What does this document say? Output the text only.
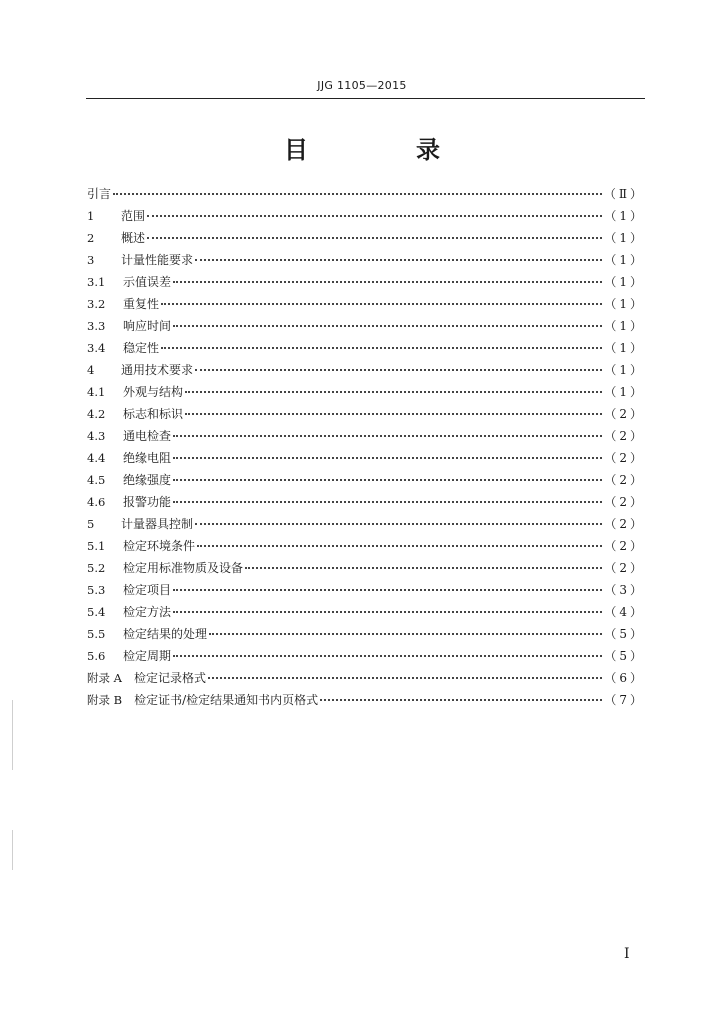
JJG 1105—2015
目　录
引言	（Ⅱ）
1	范围	（1）
2	概述	（1）
3	计量性能要求	（1）
3.1	示值误差	（1）
3.2	重复性	（1）
3.3	响应时间	（1）
3.4	稳定性	（1）
4	通用技术要求	（1）
4.1	外观与结构	（1）
4.2	标志和标识	（2）
4.3	通电检查	（2）
4.4	绝缘电阻	（2）
4.5	绝缘强度	（2）
4.6	报警功能	（2）
5	计量器具控制	（2）
5.1	检定环境条件	（2）
5.2	检定用标准物质及设备	（2）
5.3	检定项目	（3）
5.4	检定方法	（4）
5.5	检定结果的处理	（5）
5.6	检定周期	（5）
附录 A	检定记录格式	（6）
附录 B	检定证书/检定结果通知书内页格式	（7）
Ⅰ
